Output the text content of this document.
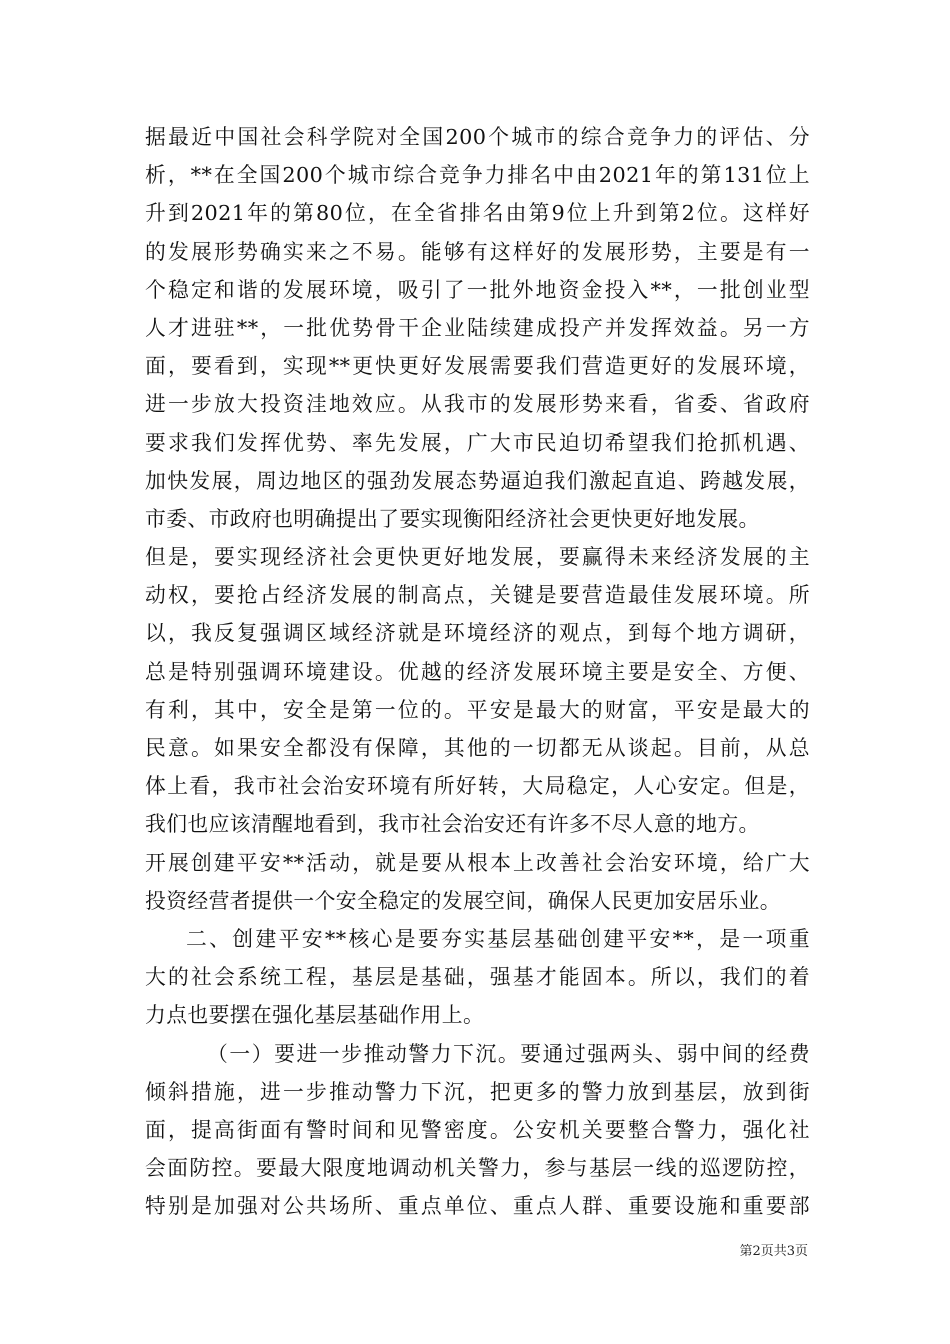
据最近中国社会科学院对全国200个城市的综合竞争力的评估、分
析，**在全国200个城市综合竞争力排名中由2021年的第131位上
升到2021年的第80位，在全省排名由第9位上升到第2位。这样好
的发展形势确实来之不易。能够有这样好的发展形势，主要是有一
个稳定和谐的发展环境，吸引了一批外地资金投入**，一批创业型
人才进驻**，一批优势骨干企业陆续建成投产并发挥效益。另一方
面，要看到，实现**更快更好发展需要我们营造更好的发展环境，
进一步放大投资洼地效应。从我市的发展形势来看，省委、省政府
要求我们发挥优势、率先发展，广大市民迫切希望我们抢抓机遇、
加快发展，周边地区的强劲发展态势逼迫我们激起直追、跨越发展，
市委、市政府也明确提出了要实现衡阳经济社会更快更好地发展。
但是，要实现经济社会更快更好地发展，要赢得未来经济发展的主
动权，要抢占经济发展的制高点，关键是要营造最佳发展环境。所
以，我反复强调区域经济就是环境经济的观点，到每个地方调研，
总是特别强调环境建设。优越的经济发展环境主要是安全、方便、
有利，其中，安全是第一位的。平安是最大的财富，平安是最大的
民意。如果安全都没有保障，其他的一切都无从谈起。目前，从总
体上看，我市社会治安环境有所好转，大局稳定，人心安定。但是，
我们也应该清醒地看到，我市社会治安还有许多不尽人意的地方。
开展创建平安**活动，就是要从根本上改善社会治安环境，给广大
投资经营者提供一个安全稳定的发展空间，确保人民更加安居乐业。
二、创建平安**核心是要夯实基层基础创建平安**，是一项重
大的社会系统工程，基层是基础，强基才能固本。所以，我们的着
力点也要摆在强化基层基础作用上。
（一）要进一步推动警力下沉。要通过强两头、弱中间的经费
倾斜措施，进一步推动警力下沉，把更多的警力放到基层，放到街
面，提高街面有警时间和见警密度。公安机关要整合警力，强化社
会面防控。要最大限度地调动机关警力，参与基层一线的巡逻防控，
特别是加强对公共场所、重点单位、重点人群、重要设施和重要部
第2页共3页
